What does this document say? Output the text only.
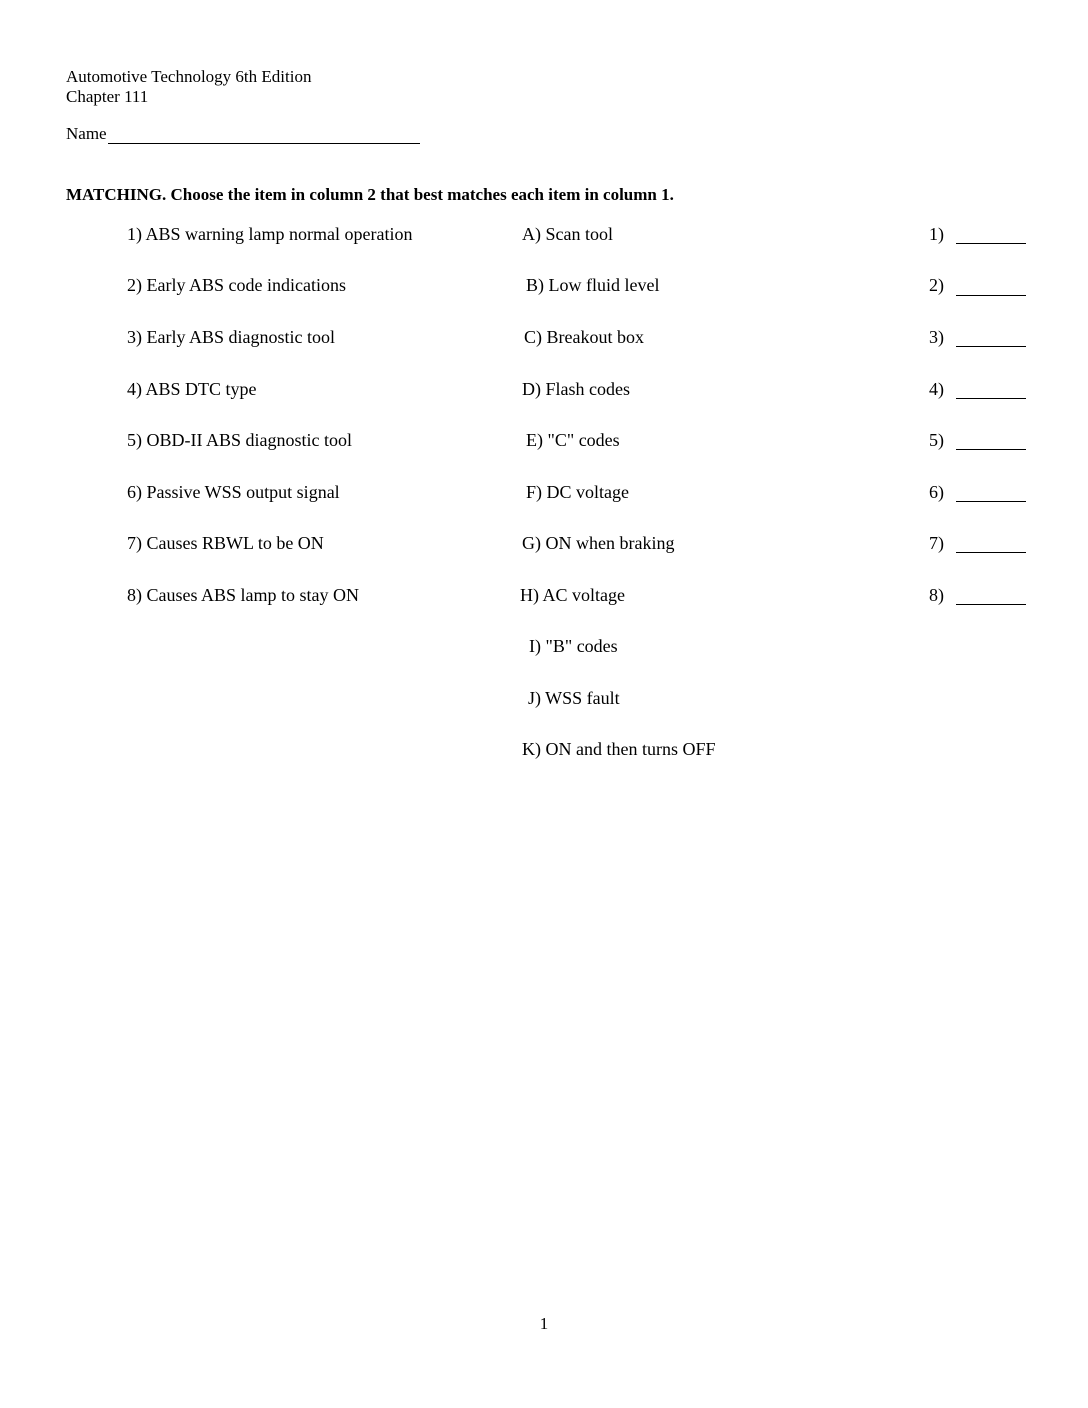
Automotive Technology 6th Edition
Chapter 111
Name
MATCHING. Choose the item in column 2 that best matches each item in column 1.
1) ABS warning lamp normal operation
2) Early ABS code indications
3) Early ABS diagnostic tool
4) ABS DTC type
5) OBD-II ABS diagnostic tool
6) Passive WSS output signal
7) Causes RBWL to be ON
8) Causes ABS lamp to stay ON
A) Scan tool
B) Low fluid level
C) Breakout box
D) Flash codes
E) "C" codes
F) DC voltage
G) ON when braking
H) AC voltage
I) "B" codes
J) WSS fault
K) ON and then turns OFF
1)
2)
3)
4)
5)
6)
7)
8)
1
